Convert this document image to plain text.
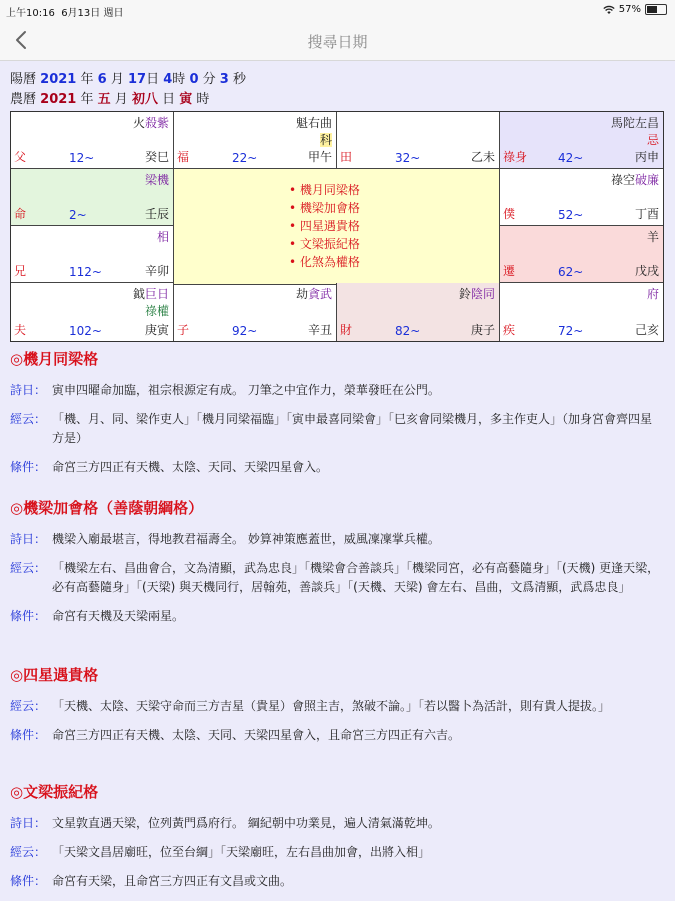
上午10:16 6月13日 週日	57%
搜尋日期
陽曆 2021 年 6 月 17日 4時 0 分 3 秒
農曆 2021 年 五 月 初八 日 寅 時
• 機月同梁格
• 機梁加會格
• 四星遇貴格
• 文梁振紀格
• 化煞為權格
火殺紫
父	12~	癸巳
魁右曲
科
福	22~	甲午 田	32~	乙未
馬陀左昌
忌
祿身	42~	丙申
梁機
命	2~	壬辰
祿空破廉
僕	52~	丁酉
相
兄	112~	辛卯
羊
遷	62~	戊戌
鉞巨日
祿權
夫	102~	庚寅
劫貪武
子	92~	辛丑
鈴陰同
財	82~	庚子
府
疾	72~	己亥
◎機月同梁格
詩日： 寅申四曜命加臨，祖宗根源定有成。 刀筆之中宜作力，榮華發旺在公門。
經云： 「機、月、同、梁作吏人」「機月同梁福臨」「寅申最喜同梁會」「巳亥會同梁機月，多主作吏人」（加身宮會齊四星方是）
條件： 命宮三方四正有天機、太陰、天同、天梁四星會入。
◎機梁加會格（善蔭朝綱格）
詩日： 機梁入廟最堪言，得地教君福壽全。 妙算神策應蓋世，威風凜凜掌兵權。
經云： 「機梁左右、昌曲會合，文為清顯，武為忠良」「機梁會合善談兵」「機梁同宮，必有高藝隨身」「(天機) 更逢天梁，必有高藝隨身」「(天梁) 與天機同行，居翰苑，善談兵」「(天機、天梁) 會左右、昌曲，文爲清顯，武爲忠良」
條件： 命宮有天機及天梁兩星。
◎四星遇貴格
經云： 「天機、太陰、天梁守命而三方吉星（貴星）會照主吉，煞破不論。」「若以醫卜為活計，則有貴人提拔。」
條件： 命宮三方四正有天機、太陰、天同、天梁四星會入，且命宮三方四正有六吉。
◎文梁振紀格
詩日： 文星敦直遇天梁，位列黃門爲府行。 綱紀朝中功業見，遍人清氣滿乾坤。
經云： 「天梁文昌居廟旺，位至台綱」「天梁廟旺，左右昌曲加會，出將入相」
條件： 命宮有天梁，且命宮三方四正有文昌或文曲。
